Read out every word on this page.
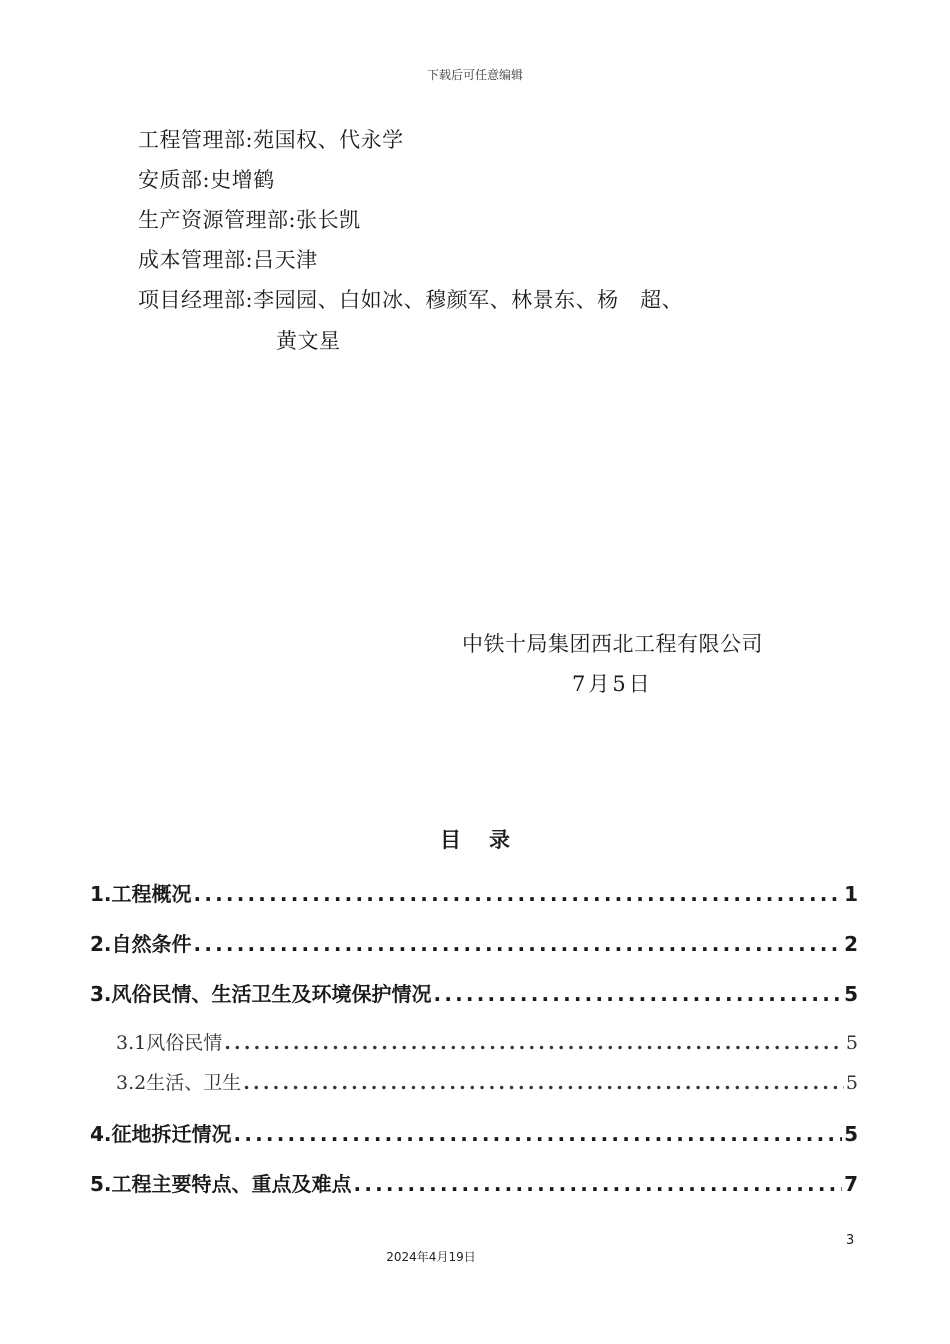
下载后可任意编辑
工程管理部:苑国权、代永学
安质部:史增鹤
生产资源管理部:张长凯
成本管理部:吕天津
项目经理部:李园园、白如冰、穆颜军、林景东、杨　超、
黄文星
中铁十局集团西北工程有限公司
7月5日
目 录
1.工程概况 .....	1
2.自然条件 .....	2
3.风俗民情、生活卫生及环境保护情况 .....	5
3.1风俗民情 .....	5
3.2生活、卫生 .....	5
4.征地拆迁情况 .....	5
5.工程主要特点、重点及难点 .....	7
3
2024年4月19日
